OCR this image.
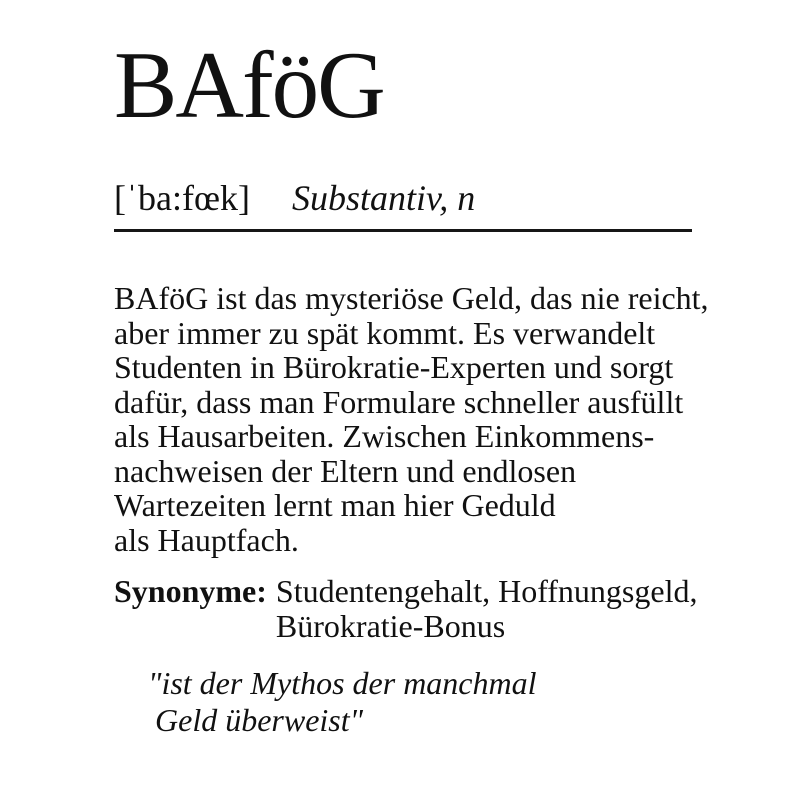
BAföG
[ˈba:fœk] Substantiv, n
BAföG ist das mysteriöse Geld, das nie reicht,
aber immer zu spät kommt. Es verwandelt
Studenten in Bürokratie-Experten und sorgt
dafür, dass man Formulare schneller ausfüllt
als Hausarbeiten. Zwischen Einkommens-
nachweisen der Eltern und endlosen
Wartezeiten lernt man hier Geduld
als Hauptfach.
Synonyme: Studentengehalt, Hoffnungsgeld,
Bürokratie-Bonus
"ist der Mythos der manchmal
Geld überweist"
